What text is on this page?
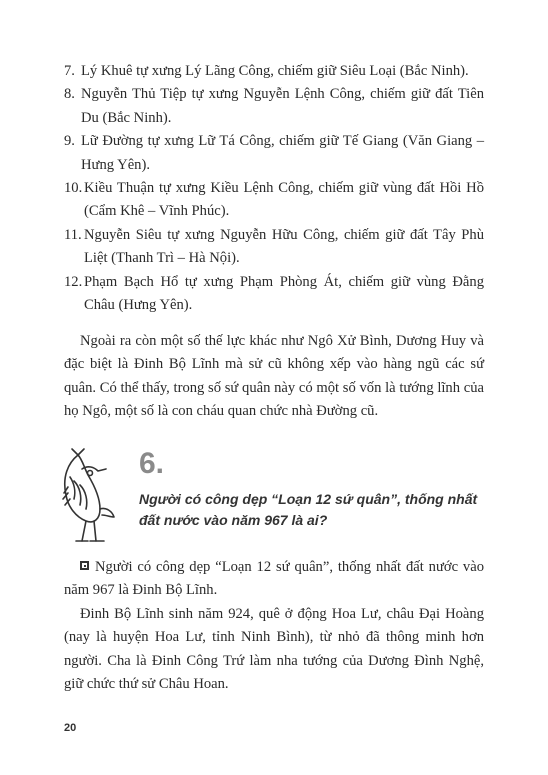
7. Lý Khuê tự xưng Lý Lãng Công, chiếm giữ Siêu Loại (Bắc Ninh).
8. Nguyễn Thủ Tiệp tự xưng Nguyễn Lệnh Công, chiếm giữ đất Tiên Du (Bắc Ninh).
9. Lữ Đường tự xưng Lữ Tá Công, chiếm giữ Tế Giang (Văn Giang – Hưng Yên).
10. Kiều Thuận tự xưng Kiều Lệnh Công, chiếm giữ vùng đất Hồi Hồ (Cẩm Khê – Vĩnh Phúc).
11. Nguyễn Siêu tự xưng Nguyễn Hữu Công, chiếm giữ đất Tây Phù Liệt (Thanh Trì – Hà Nội).
12. Phạm Bạch Hổ tự xưng Phạm Phòng Át, chiếm giữ vùng Đằng Châu (Hưng Yên).

Ngoài ra còn một số thế lực khác như Ngô Xử Bình, Dương Huy và đặc biệt là Đinh Bộ Lĩnh mà sử cũ không xếp vào hàng ngũ các sứ quân. Có thể thấy, trong số sứ quân này có một số vốn là tướng lĩnh của họ Ngô, một số là con cháu quan chức nhà Đường cũ.

6.
Người có công dẹp “Loạn 12 sứ quân”, thống nhất đất nước vào năm 967 là ai?

Người có công dẹp “Loạn 12 sứ quân”, thống nhất đất nước vào năm 967 là Đinh Bộ Lĩnh.

Đinh Bộ Lĩnh sinh năm 924, quê ở động Hoa Lư, châu Đại Hoàng (nay là huyện Hoa Lư, tỉnh Ninh Bình), từ nhỏ đã thông minh hơn người. Cha là Đinh Công Trứ làm nha tướng của Dương Đình Nghệ, giữ chức thứ sử Châu Hoan.

20
